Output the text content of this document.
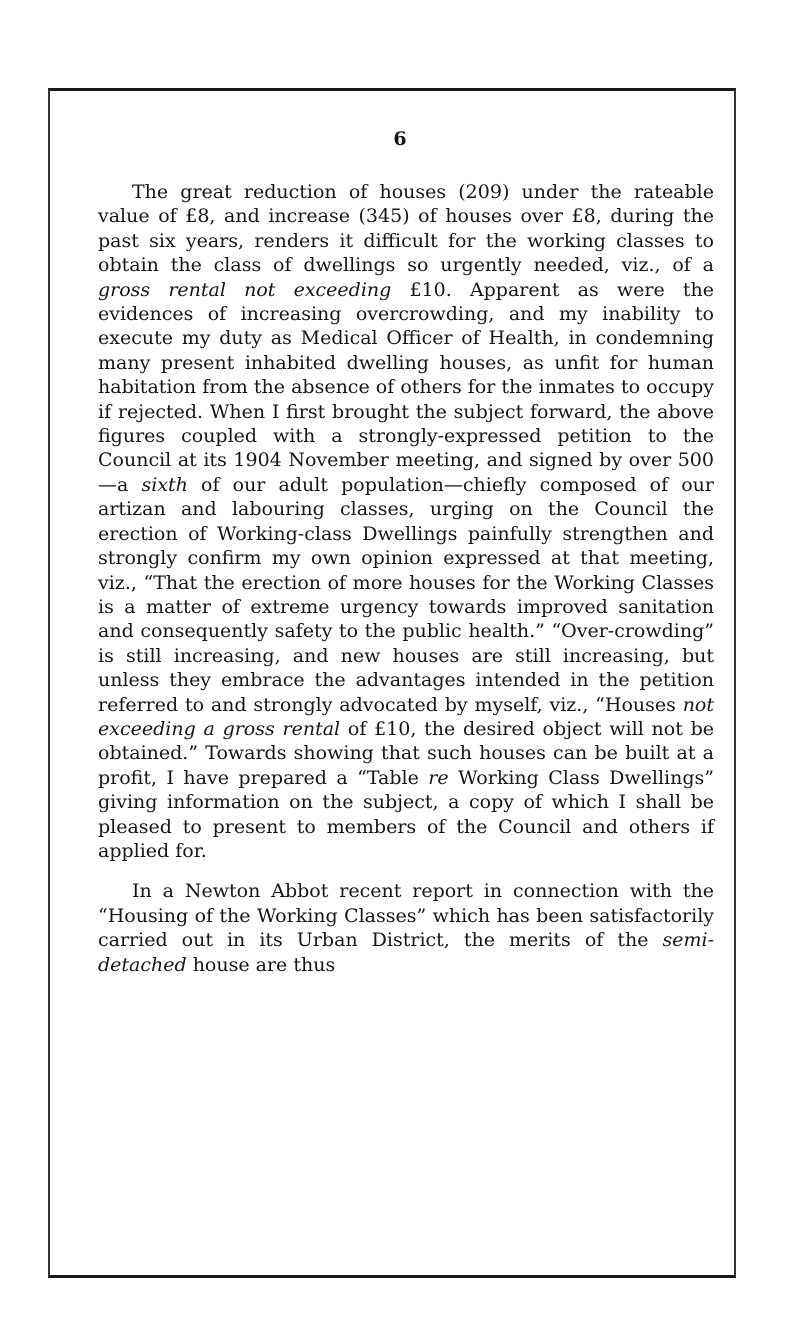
6

The great reduction of houses (209) under the rateable value of £8, and increase (345) of houses over £8, during the past six years, renders it difficult for the working classes to obtain the class of dwellings so urgently needed, viz., of a gross rental not exceeding £10. Apparent as were the evidences of increasing overcrowding, and my inability to execute my duty as Medical Officer of Health, in condemning many present inhabited dwelling houses, as unfit for human habitation from the absence of others for the inmates to occupy if rejected. When I first brought the subject forward, the above figures coupled with a strongly-expressed petition to the Council at its 1904 November meeting, and signed by over 500—a sixth of our adult population—chiefly composed of our artizan and labouring classes, urging on the Council the erection of Working-class Dwellings painfully strengthen and strongly confirm my own opinion expressed at that meeting, viz., “That the erection of more houses for the Working Classes is a matter of extreme urgency towards improved sanitation and consequently safety to the public health.” “Over-crowding” is still increasing, and new houses are still increasing, but unless they embrace the advantages intended in the petition referred to and strongly advocated by myself, viz., “Houses not exceeding a gross rental of £10, the desired object will not be obtained.” Towards showing that such houses can be built at a profit, I have prepared a “Table re Working Class Dwellings” giving information on the subject, a copy of which I shall be pleased to present to members of the Council and others if applied for.

In a Newton Abbot recent report in connection with the “Housing of the Working Classes” which has been satisfactorily carried out in its Urban District, the merits of the semi-detached house are thus
